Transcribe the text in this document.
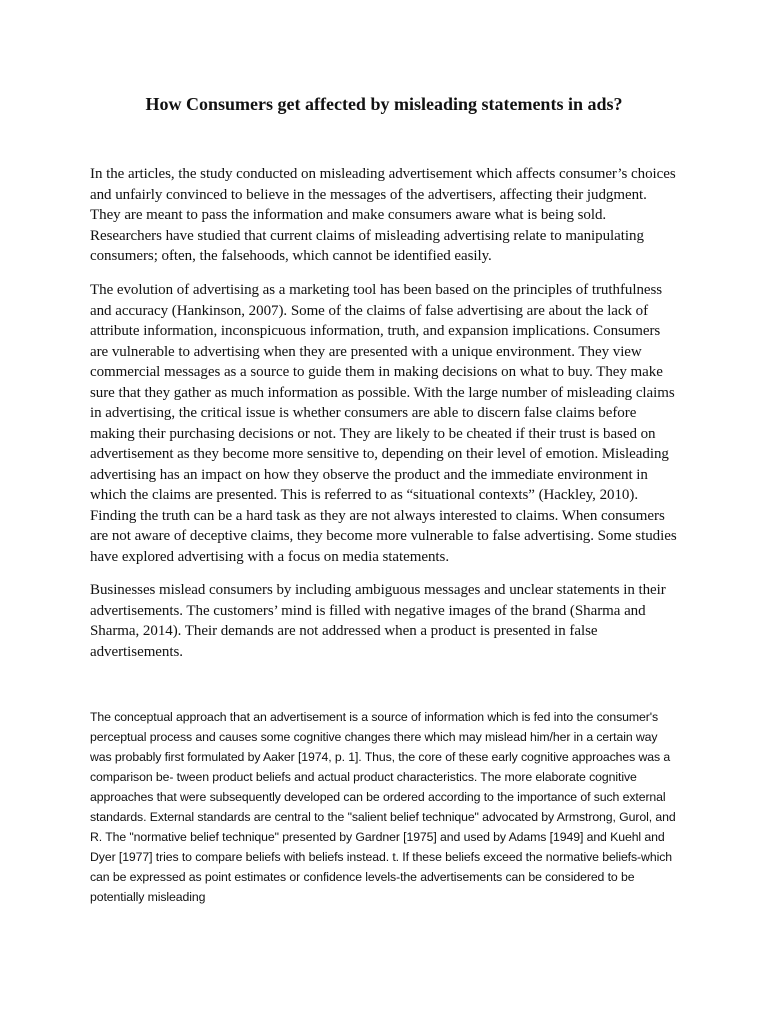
How Consumers get affected by misleading statements in ads?

In the articles, the study conducted on misleading advertisement which affects consumer’s choices and unfairly convinced to believe in the messages of the advertisers, affecting their judgment. They are meant to pass the information and make consumers aware what is being sold. Researchers have studied that current claims of misleading advertising relate to manipulating consumers; often, the falsehoods, which cannot be identified easily.

The evolution of advertising as a marketing tool has been based on the principles of truthfulness and accuracy (Hankinson, 2007). Some of the claims of false advertising are about the lack of attribute information, inconspicuous information, truth, and expansion implications. Consumers are vulnerable to advertising when they are presented with a unique environment. They view commercial messages as a source to guide them in making decisions on what to buy. They make sure that they gather as much information as possible. With the large number of misleading claims in advertising, the critical issue is whether consumers are able to discern false claims before making their purchasing decisions or not. They are likely to be cheated if their trust is based on advertisement as they become more sensitive to, depending on their level of emotion. Misleading advertising has an impact on how they observe the product and the immediate environment in which the claims are presented. This is referred to as “situational contexts” (Hackley, 2010). Finding the truth can be a hard task as they are not always interested to claims. When consumers are not aware of deceptive claims, they become more vulnerable to false advertising. Some studies have explored advertising with a focus on media statements.

Businesses mislead consumers by including ambiguous messages and unclear statements in their advertisements. The customers’ mind is filled with negative images of the brand (Sharma and Sharma, 2014). Their demands are not addressed when a product is presented in false advertisements.

The conceptual approach that an advertisement is a source of information which is fed into the consumer's perceptual process and causes some cognitive changes there which may mislead him/her in a certain way was probably first formulated by Aaker [1974, p. 1]. Thus, the core of these early cognitive approaches was a comparison be- tween product beliefs and actual product characteristics. The more elaborate cognitive approaches that were subsequently developed can be ordered according to the importance of such external standards. External standards are central to the "salient belief technique" advocated by Armstrong, Gurol, and R. The "normative belief technique" presented by Gardner [1975] and used by Adams [1949] and Kuehl and Dyer [1977] tries to compare beliefs with beliefs instead. t. If these beliefs exceed the normative beliefs-which can be expressed as point estimates or confidence levels-the advertisements can be considered to be potentially misleading
